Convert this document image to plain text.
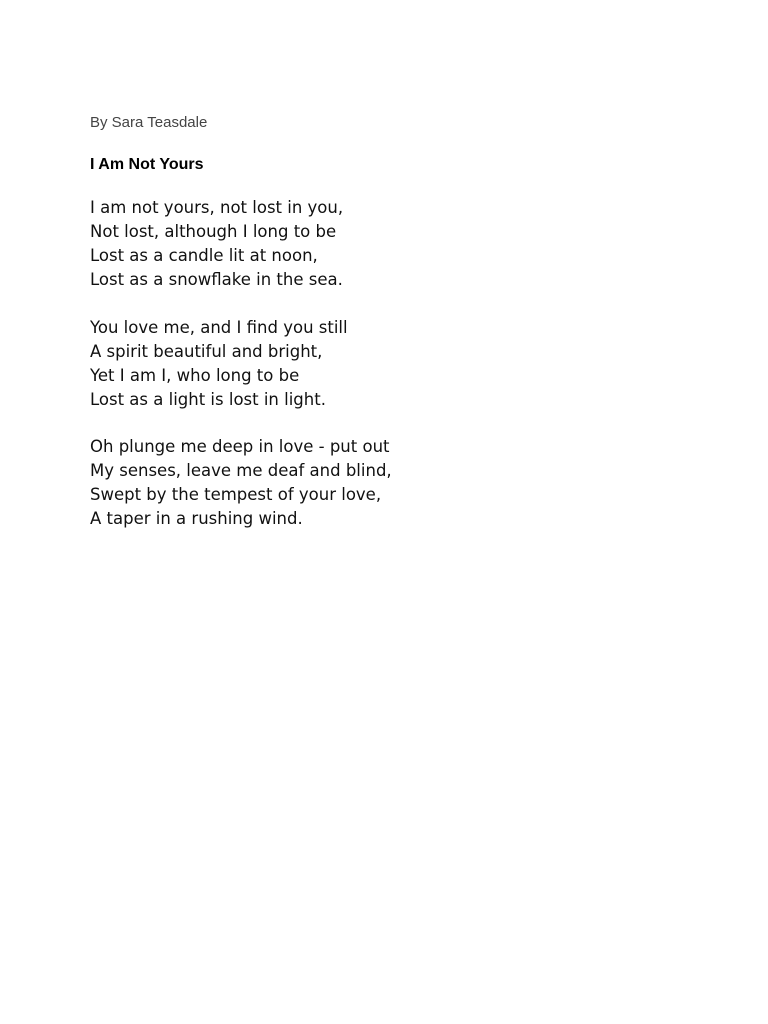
By Sara Teasdale

I Am Not Yours
I am not yours, not lost in you,
Not lost, although I long to be
Lost as a candle lit at noon,
Lost as a snowflake in the sea.
You love me, and I find you still
A spirit beautiful and bright,
Yet I am I, who long to be
Lost as a light is lost in light.
Oh plunge me deep in love - put out
My senses, leave me deaf and blind,
Swept by the tempest of your love,
A taper in a rushing wind.
